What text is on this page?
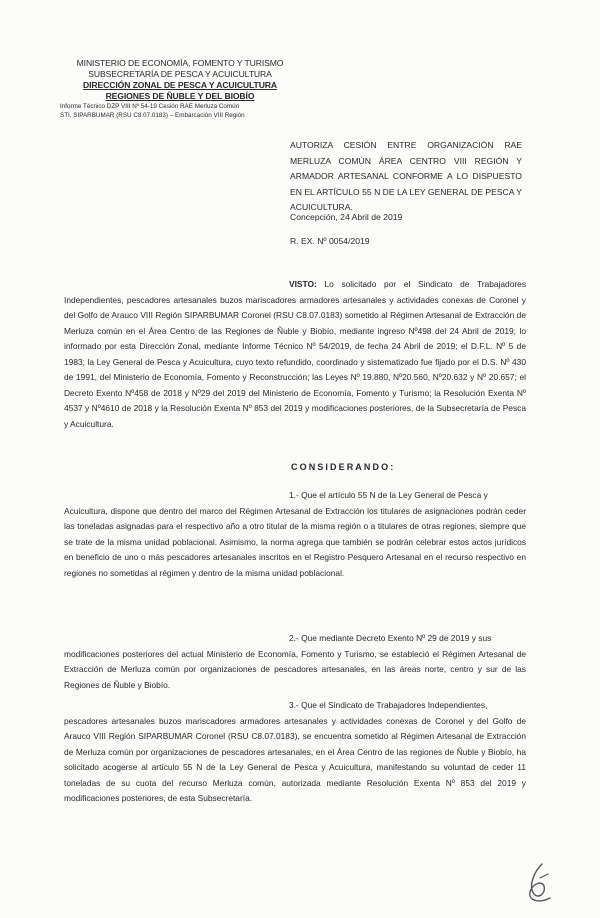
MINISTERIO DE ECONOMÍA, FOMENTO Y TURISMO
SUBSECRETARÍA DE PESCA Y ACUICULTURA
DIRECCIÓN ZONAL DE PESCA Y ACUICULTURA
REGIONES DE ÑUBLE Y DEL BIOBÍO
Informe Técnico DZP VIII Nº 54-19 Cesión RAE Merluza Común
STI. SIPARBUMAR (RSU C8.07.0183) – Embarcación VIII Región
AUTORIZA CESIÓN ENTRE ORGANIZACIÓN RAE MERLUZA COMÚN ÁREA CENTRO VIII REGIÓN Y ARMADOR ARTESANAL CONFORME A LO DISPUESTO EN EL ARTÍCULO 55 N DE LA LEY GENERAL DE PESCA Y ACUICULTURA.
Concepción, 24 Abril de 2019
R. EX. Nº 0054/2019
VISTO: Lo solicitado por el Sindicato de Trabajadores Independientes, pescadores artesanales buzos mariscadores armadores artesanales y actividades conexas de Coronel y del Golfo de Arauco VIII Región SIPARBUMAR Coronel (RSU C8.07.0183) sometido al Régimen Artesanal de Extracción de Merluza común en el Área Centro de las Regiones de Ñuble y Biobío, mediante ingreso Nº498 del 24 Abril de 2019; lo informado por esta Dirección Zonal, mediante Informe Técnico Nº 54/2019, de fecha 24 Abril de 2019; el D.F.L. Nº 5 de 1983; la Ley General de Pesca y Acuicultura, cuyo texto refundido, coordinado y sistematizado fue fijado por el D.S. Nº 430 de 1991, del Ministerio de Economía, Fomento y Reconstrucción; las Leyes Nº 19.880, Nº20.560, Nº20.632 y Nº 20.657; el Decreto Exento Nº458 de 2018 y Nº29 del 2019 del Ministerio de Economía, Fomento y Turismo; la Resolución Exenta Nº 4537 y Nº4610 de 2018 y la Resolución Exenta Nº 853 del 2019 y modificaciones posteriores, de la Subsecretaría de Pesca y Acuicultura.
CONSIDERANDO:
1.- Que el artículo 55 N de la Ley General de Pesca y
Acuicultura, dispone que dentro del marco del Régimen Artesanal de Extracción los titulares de asignaciones podrán ceder las toneladas asignadas para el respectivo año a otro titular de la misma región o a titulares de otras regiones, siempre que se trate de la misma unidad poblacional. Asimismo, la norma agrega que también se podrán celebrar estos actos jurídicos en beneficio de uno o más pescadores artesanales inscritos en el Registro Pesquero Artesanal en el recurso respectivo en regiones no sometidas al régimen y dentro de la misma unidad poblacional.
2.- Que mediante Decreto Exento Nº 29 de 2019 y sus
modificaciones posteriores del actual Ministerio de Economía, Fomento y Turismo, se estableció el Régimen Artesanal de Extracción de Merluza común por organizaciones de pescadores artesanales, en las áreas norte, centro y sur de las Regiones de Ñuble y Biobío.
3.- Que el Sindicato de Trabajadores Independientes,
pescadores artesanales buzos mariscadores armadores artesanales y actividades conexas de Coronel y del Golfo de Arauco VIII Región SIPARBUMAR Coronel (RSU C8.07.0183), se encuentra sometido al Régimen Artesanal de Extracción de Merluza común por organizaciones de pescadores artesanales, en el Área Centro de las regiones de Ñuble y Biobío, ha solicitado acogerse al artículo 55 N de la Ley General de Pesca y Acuicultura, manifestando su voluntad de ceder 11 toneladas de su cuota del recurso Merluza común, autorizada mediante Resolución Exenta Nº 853 del 2019 y modificaciones posteriores, de esta Subsecretaría.
